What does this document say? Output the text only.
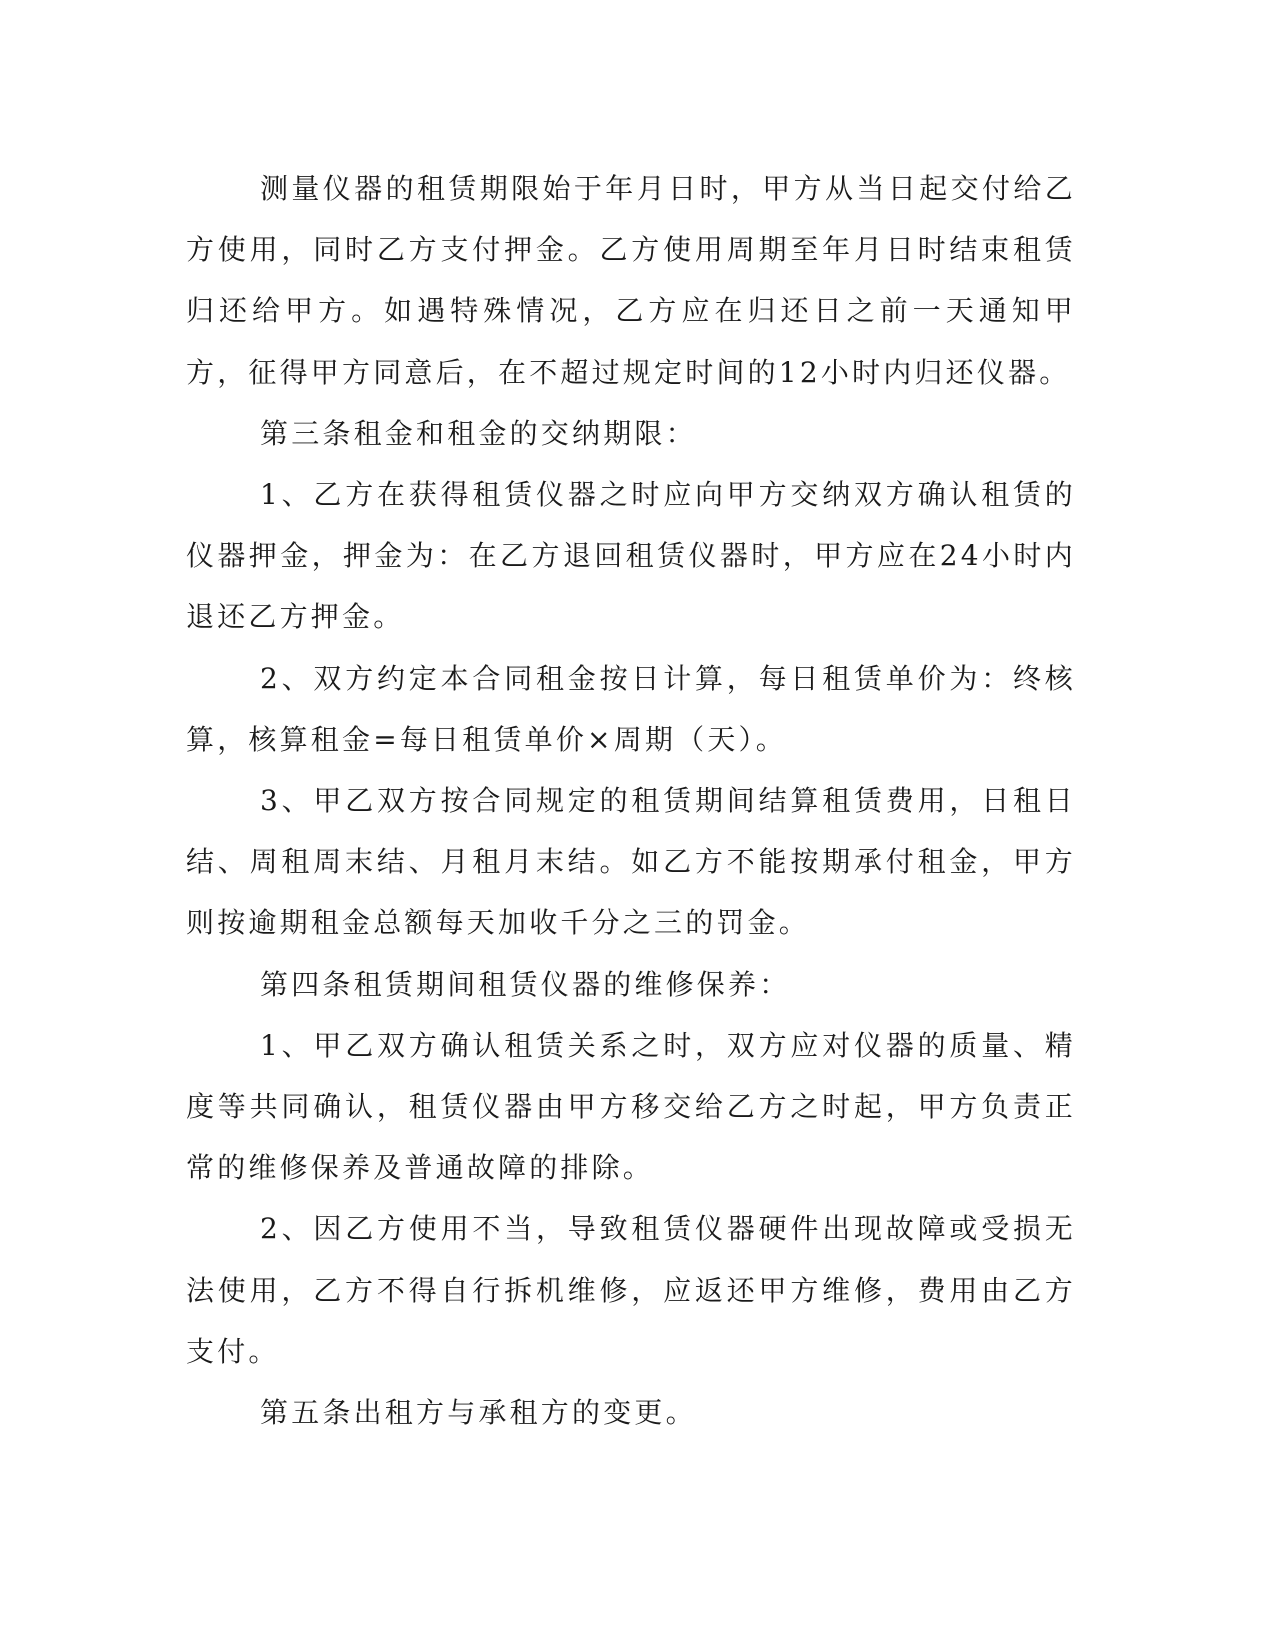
测量仪器的租赁期限始于年月日时，甲方从当日起交付给乙方使用，同时乙方支付押金。乙方使用周期至年月日时结束租赁归还给甲方。如遇特殊情况，乙方应在归还日之前一天通知甲方，征得甲方同意后，在不超过规定时间的12小时内归还仪器。

第三条租金和租金的交纳期限：

1、乙方在获得租赁仪器之时应向甲方交纳双方确认租赁的仪器押金，押金为：在乙方退回租赁仪器时，甲方应在24小时内退还乙方押金。

2、双方约定本合同租金按日计算，每日租赁单价为：终核算，核算租金=每日租赁单价×周期（天）。

3、甲乙双方按合同规定的租赁期间结算租赁费用，日租日结、周租周末结、月租月末结。如乙方不能按期承付租金，甲方则按逾期租金总额每天加收千分之三的罚金。

第四条租赁期间租赁仪器的维修保养：

1、甲乙双方确认租赁关系之时，双方应对仪器的质量、精度等共同确认，租赁仪器由甲方移交给乙方之时起，甲方负责正常的维修保养及普通故障的排除。

2、因乙方使用不当，导致租赁仪器硬件出现故障或受损无法使用，乙方不得自行拆机维修，应返还甲方维修，费用由乙方支付。

第五条出租方与承租方的变更。
